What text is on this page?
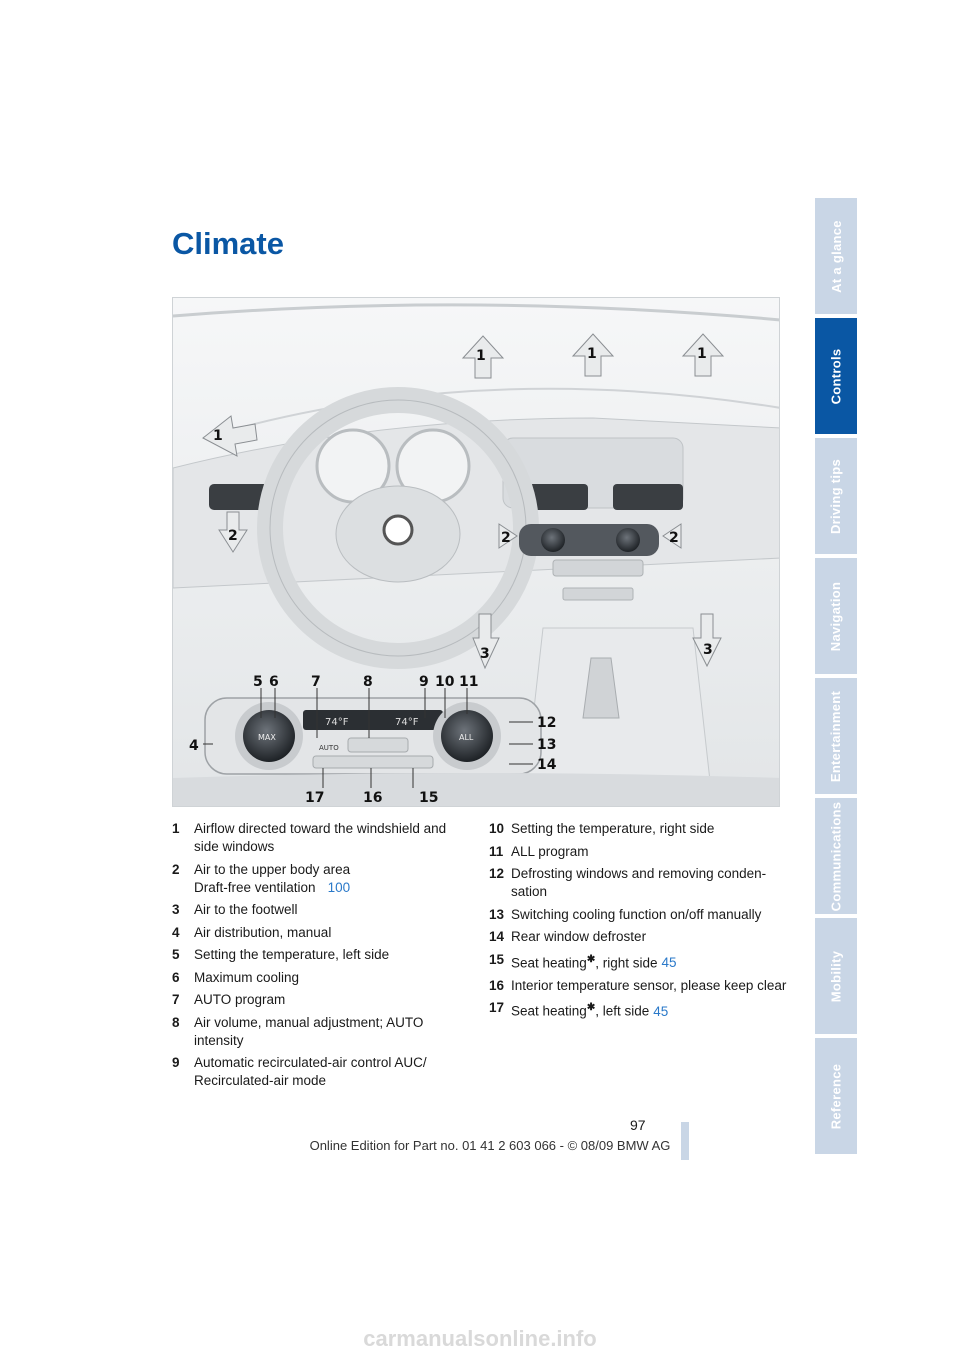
At a glance
Controls
Driving tips
Navigation
Entertainment
Communications
Mobility
Reference
Climate
74°F	74°F
MAX	ALL
AUTO
1	1	1
1
2	2	2
3	3
4
5 6 7	8	9 10 11
12
13
14
15
16
17
1	Airflow directed toward the windshield and side windows
2	Air to the upper body area
Draft-free ventilation 100
3	Air to the footwell
4	Air distribution, manual
5	Setting the temperature, left side
6	Maximum cooling
7	AUTO program
8	Air volume, manual adjustment; AUTO intensity
9	Automatic recirculated-air control AUC/ Recirculated-air mode
10 Setting the temperature, right side
11 ALL program
12 Defrosting windows and removing conden-sation
13 Switching cooling function on/off manually
14 Rear window defroster
15 Seat heating✱, right side 45
16 Interior temperature sensor, please keep clear
17 Seat heating✱, left side 45
97
Online Edition for Part no. 01 41 2 603 066 - © 08/09 BMW AG
carmanualsonline.info
